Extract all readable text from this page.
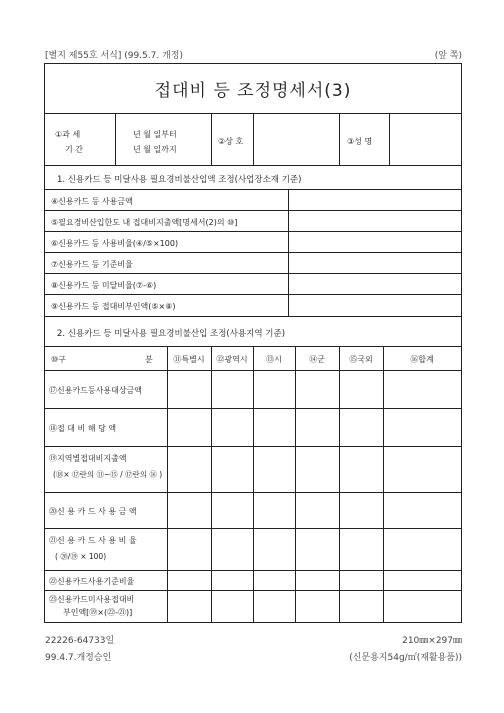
[별지 제55호 서식] (99.5.7. 개정)	(앞 쪽)
접대비 등 조정명세서(3)
①과 세
기 간
년 월 일부터
년 월 일까지
②상 호	③성 명
1. 신용카드 등 미달사용 필요경비불산입액 조정(사업장소재 기준)
④신용카드 등 사용금액
⑤필요경비산입한도 내 접대비지출액[명세서(2)의 ⑩]
⑥신용카드 등 사용비율(④/⑤×100)
⑦신용카드 등 기준비율
⑧신용카드 등 미달비율(⑦-⑥)
⑨신용카드 등 접대비부인액(⑤×⑧)
2. 신용카드 등 미달사용 필요경비불산입 조정(사용지역 기준)
⑩구	분	⑪특별시	⑫광역시	⑬시	⑭군	⑮국외	⑯합계
⑰신용카드등사용대상금액
⑱접 대 비 해 당 액
⑲지역별접대비지출액
(⑱× ⑰란의 ⑪~⑮ / ⑰란의 ⑯ )
⑳신 용 카 드 사 용 금 액
㉑신 용 카 드 사 용 비 율
( ⑳/⑲ × 100)
㉒신용카드사용기준비율
㉓신용카드미사용접대비
부인액[⑲×(㉒-㉑)]
22226-64733일
99.4.7.개정승인
210㎜×297㎜
(신문용지54g/㎡(재활용품))
